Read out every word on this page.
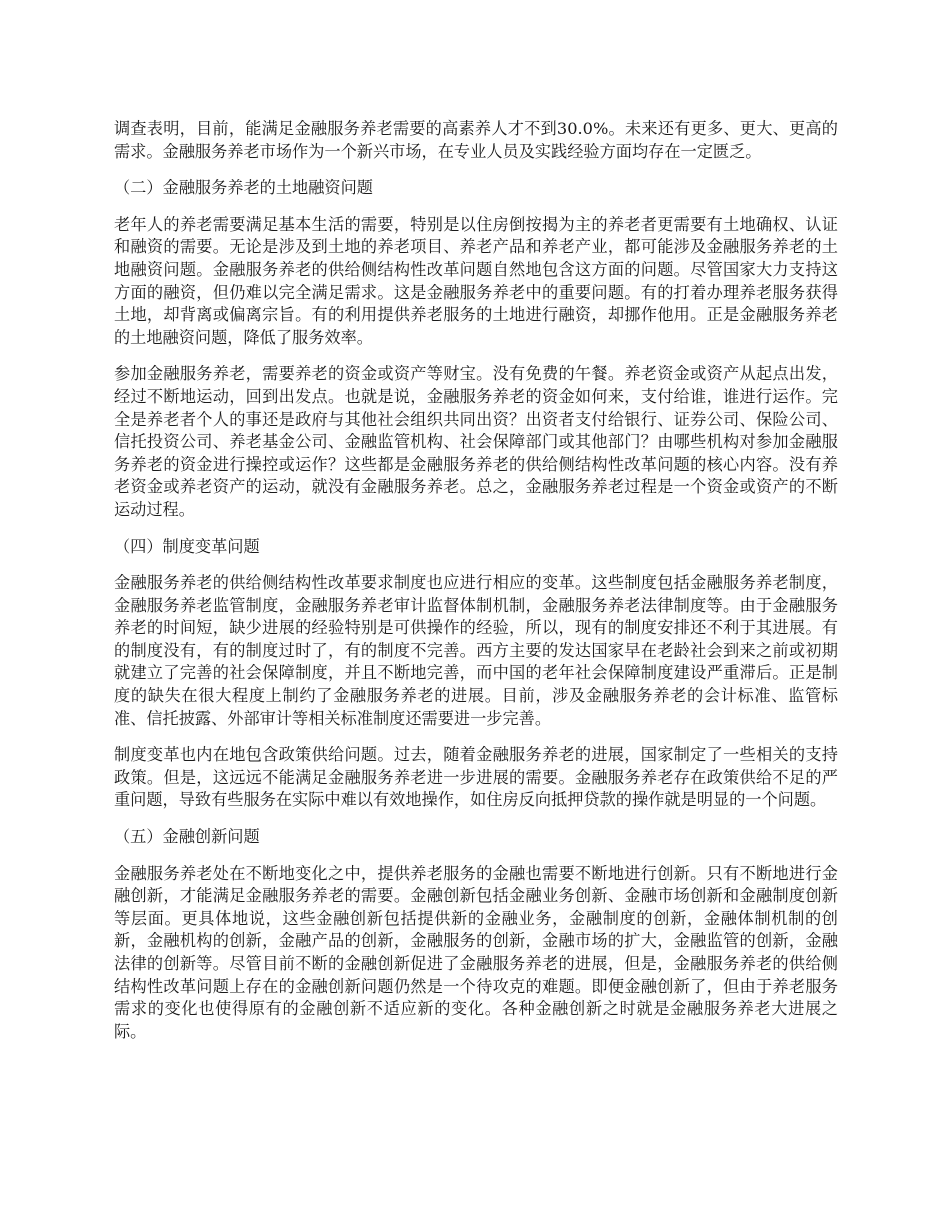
调查表明，目前，能满足金融服务养老需要的高素养人才不到30.0%。未来还有更多、更大、更高的需求。金融服务养老市场作为一个新兴市场，在专业人员及实践经验方面均存在一定匮乏。

（二）金融服务养老的土地融资问题

老年人的养老需要满足基本生活的需要，特别是以住房倒按揭为主的养老者更需要有土地确权、认证和融资的需要。无论是涉及到土地的养老项目、养老产品和养老产业，都可能涉及金融服务养老的土地融资问题。金融服务养老的供给侧结构性改革问题自然地包含这方面的问题。尽管国家大力支持这方面的融资，但仍难以完全满足需求。这是金融服务养老中的重要问题。有的打着办理养老服务获得土地，却背离或偏离宗旨。有的利用提供养老服务的土地进行融资，却挪作他用。正是金融服务养老的土地融资问题，降低了服务效率。

参加金融服务养老，需要养老的资金或资产等财宝。没有免费的午餐。养老资金或资产从起点出发，经过不断地运动，回到出发点。也就是说，金融服务养老的资金如何来，支付给谁，谁进行运作。完全是养老者个人的事还是政府与其他社会组织共同出资？出资者支付给银行、证券公司、保险公司、信托投资公司、养老基金公司、金融监管机构、社会保障部门或其他部门？由哪些机构对参加金融服务养老的资金进行操控或运作？这些都是金融服务养老的供给侧结构性改革问题的核心内容。没有养老资金或养老资产的运动，就没有金融服务养老。总之，金融服务养老过程是一个资金或资产的不断运动过程。

（四）制度变革问题

金融服务养老的供给侧结构性改革要求制度也应进行相应的变革。这些制度包括金融服务养老制度，金融服务养老监管制度，金融服务养老审计监督体制机制，金融服务养老法律制度等。由于金融服务养老的时间短，缺少进展的经验特别是可供操作的经验，所以，现有的制度安排还不利于其进展。有的制度没有，有的制度过时了，有的制度不完善。西方主要的发达国家早在老龄社会到来之前或初期就建立了完善的社会保障制度，并且不断地完善，而中国的老年社会保障制度建设严重滞后。正是制度的缺失在很大程度上制约了金融服务养老的进展。目前，涉及金融服务养老的会计标准、监管标准、信托披露、外部审计等相关标准制度还需要进一步完善。

制度变革也内在地包含政策供给问题。过去，随着金融服务养老的进展，国家制定了一些相关的支持政策。但是，这远远不能满足金融服务养老进一步进展的需要。金融服务养老存在政策供给不足的严重问题，导致有些服务在实际中难以有效地操作，如住房反向抵押贷款的操作就是明显的一个问题。

（五）金融创新问题

金融服务养老处在不断地变化之中，提供养老服务的金融也需要不断地进行创新。只有不断地进行金融创新，才能满足金融服务养老的需要。金融创新包括金融业务创新、金融市场创新和金融制度创新等层面。更具体地说，这些金融创新包括提供新的金融业务，金融制度的创新，金融体制机制的创新，金融机构的创新，金融产品的创新，金融服务的创新，金融市场的扩大，金融监管的创新，金融法律的创新等。尽管目前不断的金融创新促进了金融服务养老的进展，但是，金融服务养老的供给侧结构性改革问题上存在的金融创新问题仍然是一个待攻克的难题。即便金融创新了，但由于养老服务需求的变化也使得原有的金融创新不适应新的变化。各种金融创新之时就是金融服务养老大进展之际。
